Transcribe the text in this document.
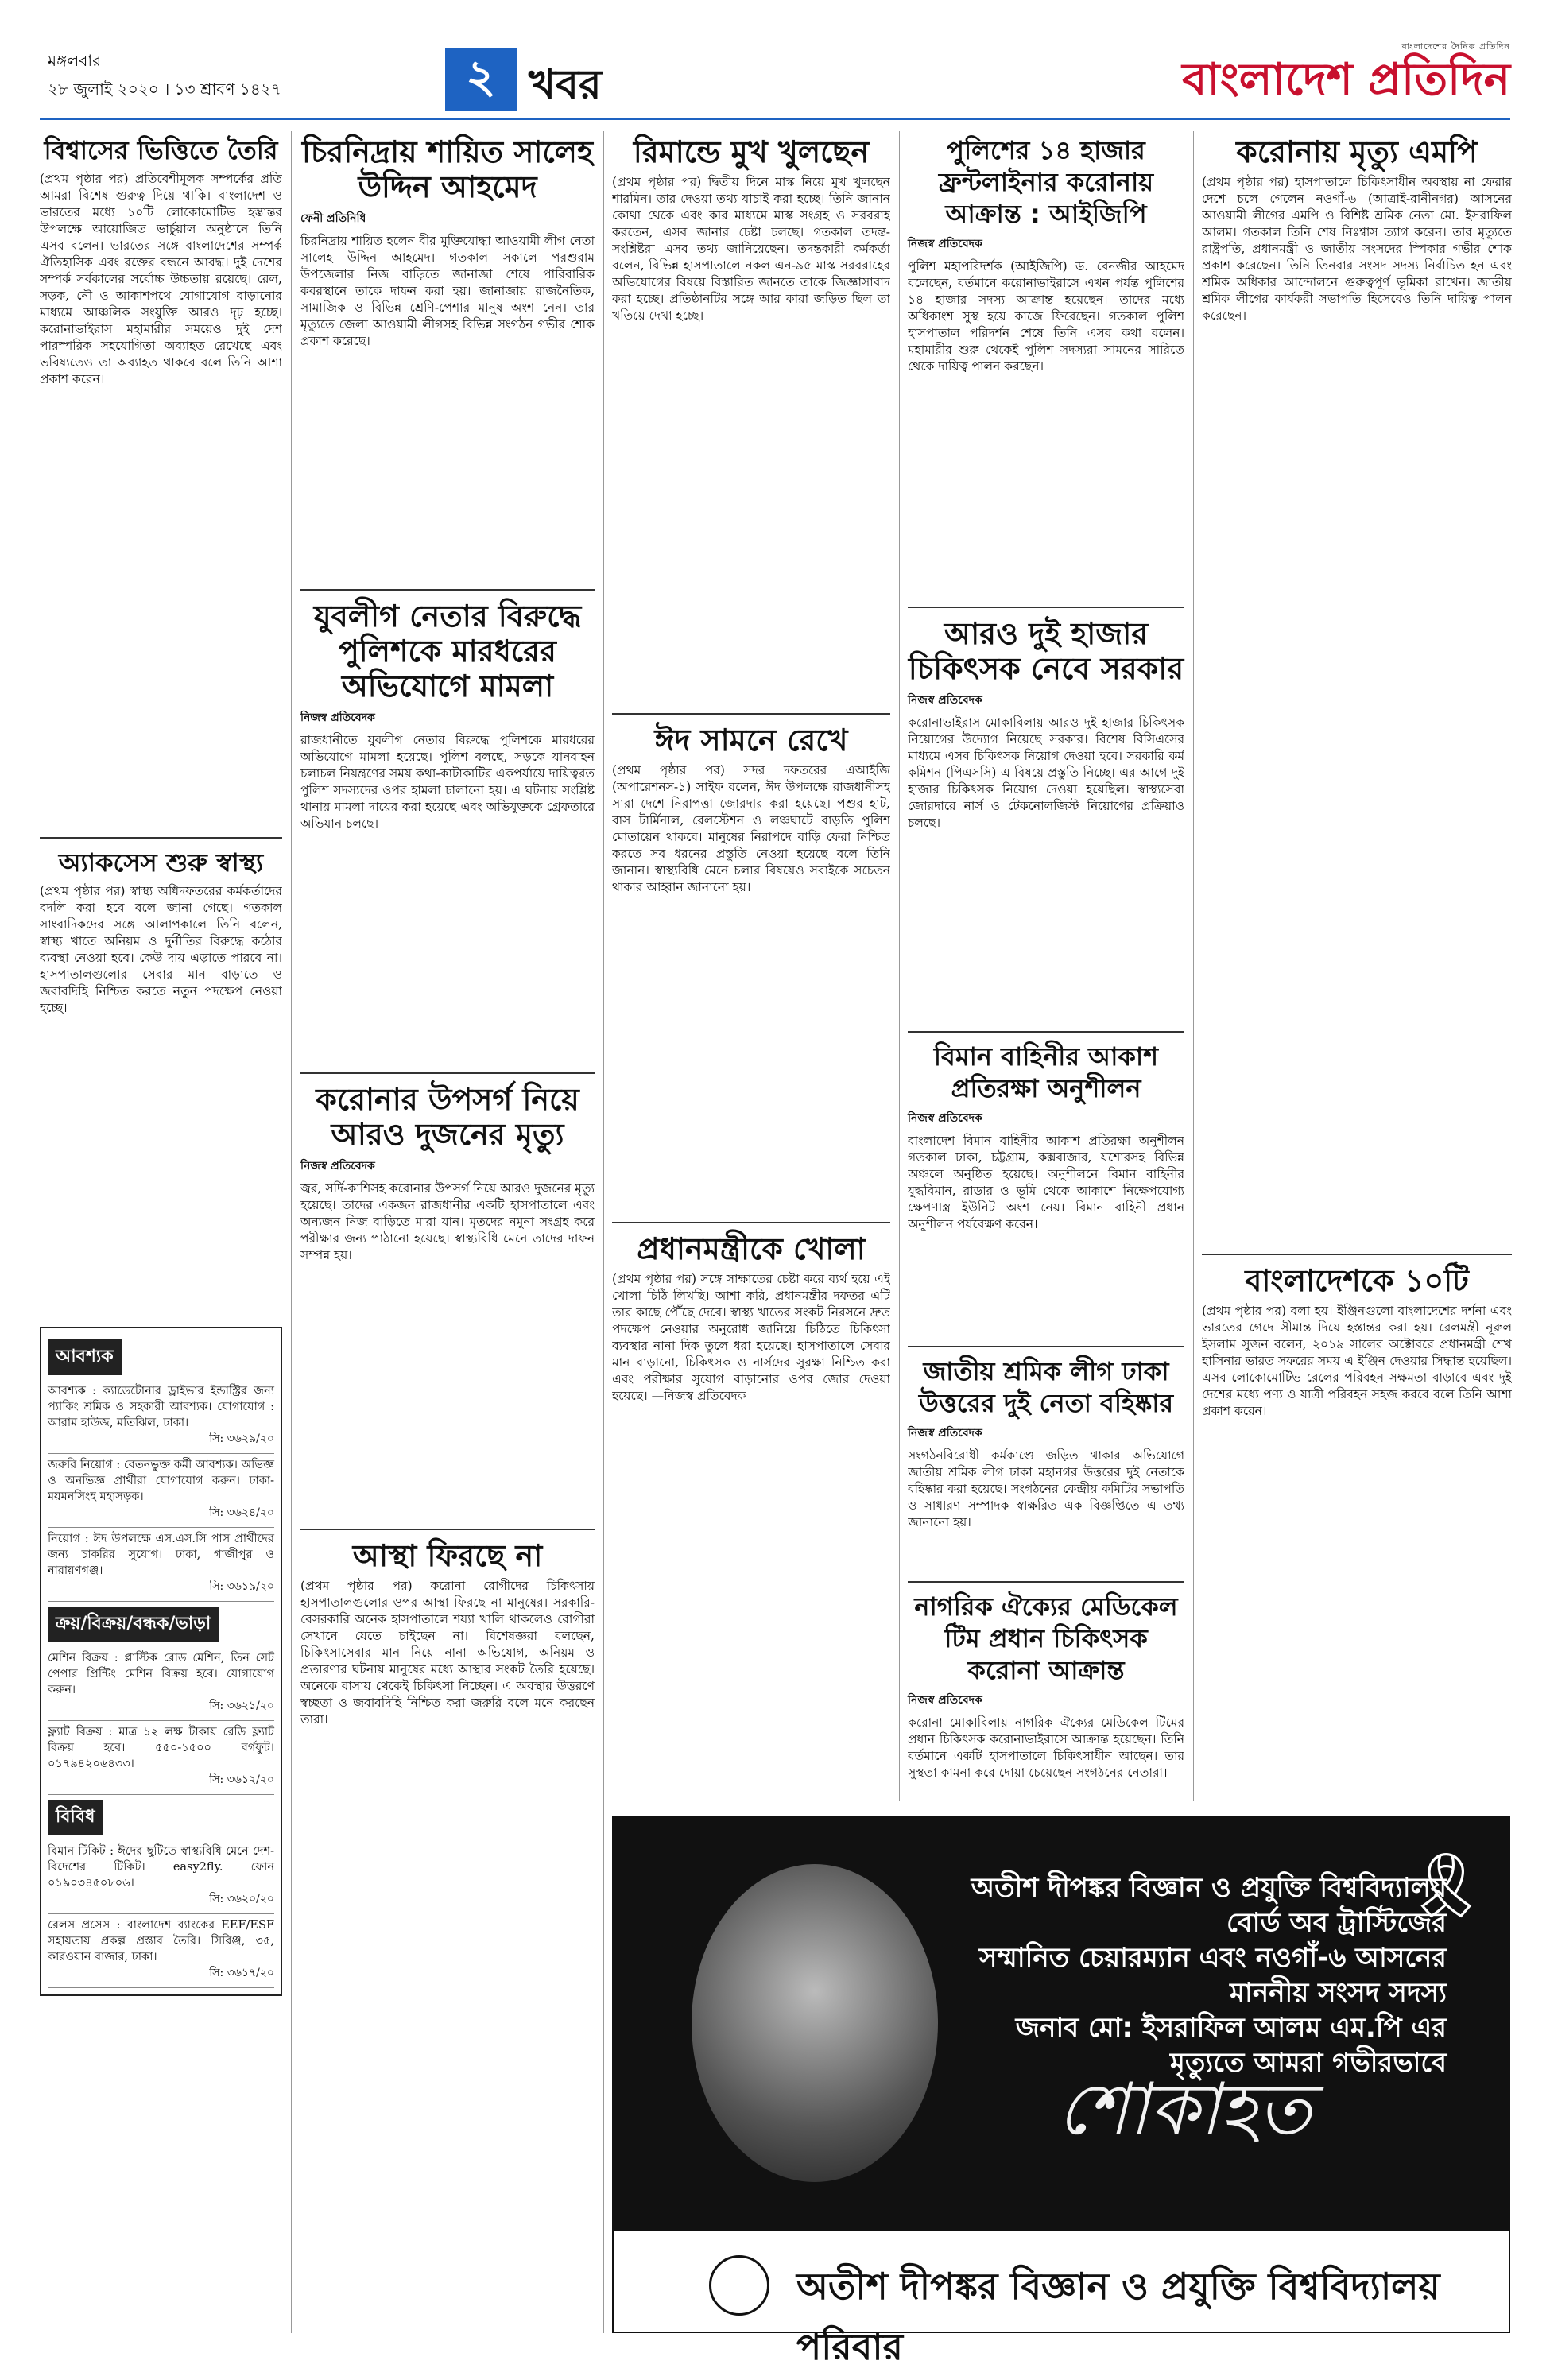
মঙ্গলবার
২৮ জুলাই ২০২০ । ১৩ শ্রাবণ ১৪২৭	২ খবর
বাংলাদেশের দৈনিক প্রতিদিন
বাংলাদেশ প্রতিদিন
বিশ্বাসের ভিত্তিতে তৈরি
(প্রথম পৃষ্ঠার পর) প্রতিবেশীমূলক সম্পর্কের প্রতি আমরা বিশেষ গুরুত্ব দিয়ে থাকি। বাংলাদেশ ও ভারতের মধ্যে ১০টি লোকোমোটিভ হস্তান্তর উপলক্ষে আয়োজিত ভার্চুয়াল অনুষ্ঠানে তিনি এসব বলেন। ভারতের সঙ্গে বাংলাদেশের সম্পর্ক ঐতিহাসিক এবং রক্তের বন্ধনে আবদ্ধ। দুই দেশের সম্পর্ক সর্বকালের সর্বোচ্চ উচ্চতায় রয়েছে। রেল, সড়ক, নৌ ও আকাশপথে যোগাযোগ বাড়ানোর মাধ্যমে আঞ্চলিক সংযুক্তি আরও দৃঢ় হচ্ছে। করোনাভাইরাস মহামারীর সময়েও দুই দেশ পারস্পরিক সহযোগিতা অব্যাহত রেখেছে এবং ভবিষ্যতেও তা অব্যাহত থাকবে বলে তিনি আশা প্রকাশ করেন।
অ্যাকসেস শুরু স্বাস্থ্য
(প্রথম পৃষ্ঠার পর) স্বাস্থ্য অধিদফতরের কর্মকর্তাদের বদলি করা হবে বলে জানা গেছে। গতকাল সাংবাদিকদের সঙ্গে আলাপকালে তিনি বলেন, স্বাস্থ্য খাতে অনিয়ম ও দুর্নীতির বিরুদ্ধে কঠোর ব্যবস্থা নেওয়া হবে। কেউ দায় এড়াতে পারবে না। হাসপাতালগুলোর সেবার মান বাড়াতে ও জবাবদিহি নিশ্চিত করতে নতুন পদক্ষেপ নেওয়া হচ্ছে।
আবশ্যক
আবশ্যক : ক্যাডেটোনার ড্রাইভার ইন্ডাস্ট্রির জন্য প্যাকিং শ্রমিক ও সহকারী আবশ্যক। যোগাযোগ : আরাম হাউজ, মতিঝিল, ঢাকা।
সি: ৩৬২৯/২০
জরুরি নিয়োগ : বেতনভুক্ত কর্মী আবশ্যক। অভিজ্ঞ ও অনভিজ্ঞ প্রার্থীরা যোগাযোগ করুন। ঢাকা-ময়মনসিংহ মহাসড়ক।
সি: ৩৬২৪/২০
নিয়োগ : ঈদ উপলক্ষে এস.এস.সি পাস প্রার্থীদের জন্য চাকরির সুযোগ। ঢাকা, গাজীপুর ও নারায়ণগঞ্জ।
সি: ৩৬১৯/২০
ক্রয়/বিক্রয়/বন্ধক/ভাড়া
মেশিন বিক্রয় : প্লাস্টিক রোড মেশিন, তিন সেট পেপার প্রিন্টিং মেশিন বিক্রয় হবে। যোগাযোগ করুন।
সি: ৩৬২১/২০
ফ্ল্যাট বিক্রয় : মাত্র ১২ লক্ষ টাকায় রেডি ফ্ল্যাট বিক্রয় হবে। ৫৫০-১৫০০ বর্গফুট। ০১৭৯৪২০৬৪৩৩।
সি: ৩৬১২/২০
বিবিধ
বিমান টিকিট : ঈদের ছুটিতে স্বাস্থ্যবিধি মেনে দেশ-বিদেশের টিকিট। easy2fly. ফোন ০১৯০৩৪৫০৮০৬।
সি: ৩৬২০/২০
রেলস প্রসেস : বাংলাদেশ ব্যাংকের EEF/ESF সহায়তায় প্রকল্প প্রস্তাব তৈরি। সিরিঞ্জ, ৩৫, কারওয়ান বাজার, ঢাকা।
সি: ৩৬১৭/২০
চিরনিদ্রায় শায়িত সালেহ উদ্দিন আহমেদ
ফেনী প্রতিনিধি
চিরনিদ্রায় শায়িত হলেন বীর মুক্তিযোদ্ধা আওয়ামী লীগ নেতা সালেহ উদ্দিন আহমেদ। গতকাল সকালে পরশুরাম উপজেলার নিজ বাড়িতে জানাজা শেষে পারিবারিক কবরস্থানে তাকে দাফন করা হয়। জানাজায় রাজনৈতিক, সামাজিক ও বিভিন্ন শ্রেণি-পেশার মানুষ অংশ নেন। তার মৃত্যুতে জেলা আওয়ামী লীগসহ বিভিন্ন সংগঠন গভীর শোক প্রকাশ করেছে।
যুবলীগ নেতার বিরুদ্ধে পুলিশকে মারধরের অভিযোগে মামলা
নিজস্ব প্রতিবেদক
রাজধানীতে যুবলীগ নেতার বিরুদ্ধে পুলিশকে মারধরের অভিযোগে মামলা হয়েছে। পুলিশ বলছে, সড়কে যানবাহন চলাচল নিয়ন্ত্রণের সময় কথা-কাটাকাটির একপর্যায়ে দায়িত্বরত পুলিশ সদস্যদের ওপর হামলা চালানো হয়। এ ঘটনায় সংশ্লিষ্ট থানায় মামলা দায়ের করা হয়েছে এবং অভিযুক্তকে গ্রেফতারে অভিযান চলছে।
করোনার উপসর্গ নিয়ে আরও দুজনের মৃত্যু
নিজস্ব প্রতিবেদক
জ্বর, সর্দি-কাশিসহ করোনার উপসর্গ নিয়ে আরও দুজনের মৃত্যু হয়েছে। তাদের একজন রাজধানীর একটি হাসপাতালে এবং অন্যজন নিজ বাড়িতে মারা যান। মৃতদের নমুনা সংগ্রহ করে পরীক্ষার জন্য পাঠানো হয়েছে। স্বাস্থ্যবিধি মেনে তাদের দাফন সম্পন্ন হয়।
আস্থা ফিরছে না
(প্রথম পৃষ্ঠার পর) করোনা রোগীদের চিকিৎসায় হাসপাতালগুলোর ওপর আস্থা ফিরছে না মানুষের। সরকারি-বেসরকারি অনেক হাসপাতালে শয্যা খালি থাকলেও রোগীরা সেখানে যেতে চাইছেন না। বিশেষজ্ঞরা বলছেন, চিকিৎসাসেবার মান নিয়ে নানা অভিযোগ, অনিয়ম ও প্রতারণার ঘটনায় মানুষের মধ্যে আস্থার সংকট তৈরি হয়েছে। অনেকে বাসায় থেকেই চিকিৎসা নিচ্ছেন। এ অবস্থার উত্তরণে স্বচ্ছতা ও জবাবদিহি নিশ্চিত করা জরুরি বলে মনে করছেন তারা।
রিমান্ডে মুখ খুলছেন
(প্রথম পৃষ্ঠার পর) দ্বিতীয় দিনে মাস্ক নিয়ে মুখ খুলছেন শারমিন। তার দেওয়া তথ্য যাচাই করা হচ্ছে। তিনি জানান কোথা থেকে এবং কার মাধ্যমে মাস্ক সংগ্রহ ও সরবরাহ করতেন, এসব জানার চেষ্টা চলছে। গতকাল তদন্ত-সংশ্লিষ্টরা এসব তথ্য জানিয়েছেন। তদন্তকারী কর্মকর্তা বলেন, বিভিন্ন হাসপাতালে নকল এন-৯৫ মাস্ক সরবরাহের অভিযোগের বিষয়ে বিস্তারিত জানতে তাকে জিজ্ঞাসাবাদ করা হচ্ছে। প্রতিষ্ঠানটির সঙ্গে আর কারা জড়িত ছিল তা খতিয়ে দেখা হচ্ছে।
ঈদ সামনে রেখে
(প্রথম পৃষ্ঠার পর) সদর দফতরের এআইজি (অপারেশনস-১) সাইফ বলেন, ঈদ উপলক্ষে রাজধানীসহ সারা দেশে নিরাপত্তা জোরদার করা হয়েছে। পশুর হাট, বাস টার্মিনাল, রেলস্টেশন ও লঞ্চঘাটে বাড়তি পুলিশ মোতায়েন থাকবে। মানুষের নিরাপদে বাড়ি ফেরা নিশ্চিত করতে সব ধরনের প্রস্তুতি নেওয়া হয়েছে বলে তিনি জানান। স্বাস্থ্যবিধি মেনে চলার বিষয়েও সবাইকে সচেতন থাকার আহ্বান জানানো হয়।
প্রধানমন্ত্রীকে খোলা
(প্রথম পৃষ্ঠার পর) সঙ্গে সাক্ষাতের চেষ্টা করে ব্যর্থ হয়ে এই খোলা চিঠি লিখছি। আশা করি, প্রধানমন্ত্রীর দফতর এটি তার কাছে পৌঁছে দেবে। স্বাস্থ্য খাতের সংকট নিরসনে দ্রুত পদক্ষেপ নেওয়ার অনুরোধ জানিয়ে চিঠিতে চিকিৎসা ব্যবস্থার নানা দিক তুলে ধরা হয়েছে। হাসপাতালে সেবার মান বাড়ানো, চিকিৎসক ও নার্সদের সুরক্ষা নিশ্চিত করা এবং পরীক্ষার সুযোগ বাড়ানোর ওপর জোর দেওয়া হয়েছে। —নিজস্ব প্রতিবেদক
পুলিশের ১৪ হাজার ফ্রন্টলাইনার করোনায় আক্রান্ত : আইজিপি
নিজস্ব প্রতিবেদক
পুলিশ মহাপরিদর্শক (আইজিপি) ড. বেনজীর আহমেদ বলেছেন, বর্তমানে করোনাভাইরাসে এখন পর্যন্ত পুলিশের ১৪ হাজার সদস্য আক্রান্ত হয়েছেন। তাদের মধ্যে অধিকাংশ সুস্থ হয়ে কাজে ফিরেছেন। গতকাল পুলিশ হাসপাতাল পরিদর্শন শেষে তিনি এসব কথা বলেন। মহামারীর শুরু থেকেই পুলিশ সদস্যরা সামনের সারিতে থেকে দায়িত্ব পালন করছেন।
আরও দুই হাজার চিকিৎসক নেবে সরকার
নিজস্ব প্রতিবেদক
করোনাভাইরাস মোকাবিলায় আরও দুই হাজার চিকিৎসক নিয়োগের উদ্যোগ নিয়েছে সরকার। বিশেষ বিসিএসের মাধ্যমে এসব চিকিৎসক নিয়োগ দেওয়া হবে। সরকারি কর্ম কমিশন (পিএসসি) এ বিষয়ে প্রস্তুতি নিচ্ছে। এর আগে দুই হাজার চিকিৎসক নিয়োগ দেওয়া হয়েছিল। স্বাস্থ্যসেবা জোরদারে নার্স ও টেকনোলজিস্ট নিয়োগের প্রক্রিয়াও চলছে।
বিমান বাহিনীর আকাশ প্রতিরক্ষা অনুশীলন
নিজস্ব প্রতিবেদক
বাংলাদেশ বিমান বাহিনীর আকাশ প্রতিরক্ষা অনুশীলন গতকাল ঢাকা, চট্টগ্রাম, কক্সবাজার, যশোরসহ বিভিন্ন অঞ্চলে অনুষ্ঠিত হয়েছে। অনুশীলনে বিমান বাহিনীর যুদ্ধবিমান, রাডার ও ভূমি থেকে আকাশে নিক্ষেপযোগ্য ক্ষেপণাস্ত্র ইউনিট অংশ নেয়। বিমান বাহিনী প্রধান অনুশীলন পর্যবেক্ষণ করেন।
জাতীয় শ্রমিক লীগ ঢাকা উত্তরের দুই নেতা বহিষ্কার
নিজস্ব প্রতিবেদক
সংগঠনবিরোধী কর্মকাণ্ডে জড়িত থাকার অভিযোগে জাতীয় শ্রমিক লীগ ঢাকা মহানগর উত্তরের দুই নেতাকে বহিষ্কার করা হয়েছে। সংগঠনের কেন্দ্রীয় কমিটির সভাপতি ও সাধারণ সম্পাদক স্বাক্ষরিত এক বিজ্ঞপ্তিতে এ তথ্য জানানো হয়।
নাগরিক ঐক্যের মেডিকেল টিম প্রধান চিকিৎসক করোনা আক্রান্ত
নিজস্ব প্রতিবেদক
করোনা মোকাবিলায় নাগরিক ঐক্যের মেডিকেল টিমের প্রধান চিকিৎসক করোনাভাইরাসে আক্রান্ত হয়েছেন। তিনি বর্তমানে একটি হাসপাতালে চিকিৎসাধীন আছেন। তার সুস্থতা কামনা করে দোয়া চেয়েছেন সংগঠনের নেতারা।
করোনায় মৃত্যু এমপি
(প্রথম পৃষ্ঠার পর) হাসপাতালে চিকিৎসাধীন অবস্থায় না ফেরার দেশে চলে গেলেন নওগাঁ-৬ (আত্রাই-রানীনগর) আসনের আওয়ামী লীগের এমপি ও বিশিষ্ট শ্রমিক নেতা মো. ইসরাফিল আলম। গতকাল তিনি শেষ নিঃশ্বাস ত্যাগ করেন। তার মৃত্যুতে রাষ্ট্রপতি, প্রধানমন্ত্রী ও জাতীয় সংসদের স্পিকার গভীর শোক প্রকাশ করেছেন। তিনি তিনবার সংসদ সদস্য নির্বাচিত হন এবং শ্রমিক অধিকার আন্দোলনে গুরুত্বপূর্ণ ভূমিকা রাখেন। জাতীয় শ্রমিক লীগের কার্যকরী সভাপতি হিসেবেও তিনি দায়িত্ব পালন করেছেন।
বাংলাদেশকে ১০টি
(প্রথম পৃষ্ঠার পর) বলা হয়। ইঞ্জিনগুলো বাংলাদেশের দর্শনা এবং ভারতের গেদে সীমান্ত দিয়ে হস্তান্তর করা হয়। রেলমন্ত্রী নূরুল ইসলাম সুজন বলেন, ২০১৯ সালের অক্টোবরে প্রধানমন্ত্রী শেখ হাসিনার ভারত সফরের সময় এ ইঞ্জিন দেওয়ার সিদ্ধান্ত হয়েছিল। এসব লোকোমোটিভ রেলের পরিবহন সক্ষমতা বাড়াবে এবং দুই দেশের মধ্যে পণ্য ও যাত্রী পরিবহন সহজ করবে বলে তিনি আশা প্রকাশ করেন।
🎗
অতীশ দীপঙ্কর বিজ্ঞান ও প্রযুক্তি বিশ্ববিদ্যালয় বোর্ড অব ট্রাস্টিজের
সম্মানিত চেয়ারম্যান এবং নওগাঁ-৬ আসনের মাননীয় সংসদ সদস্য
জনাব মো: ইসরাফিল আলম এম.পি এর মৃত্যুতে আমরা গভীরভাবে
শোকাহত
অতীশ দীপঙ্কর বিজ্ঞান ও প্রযুক্তি বিশ্ববিদ্যালয় পরিবার
